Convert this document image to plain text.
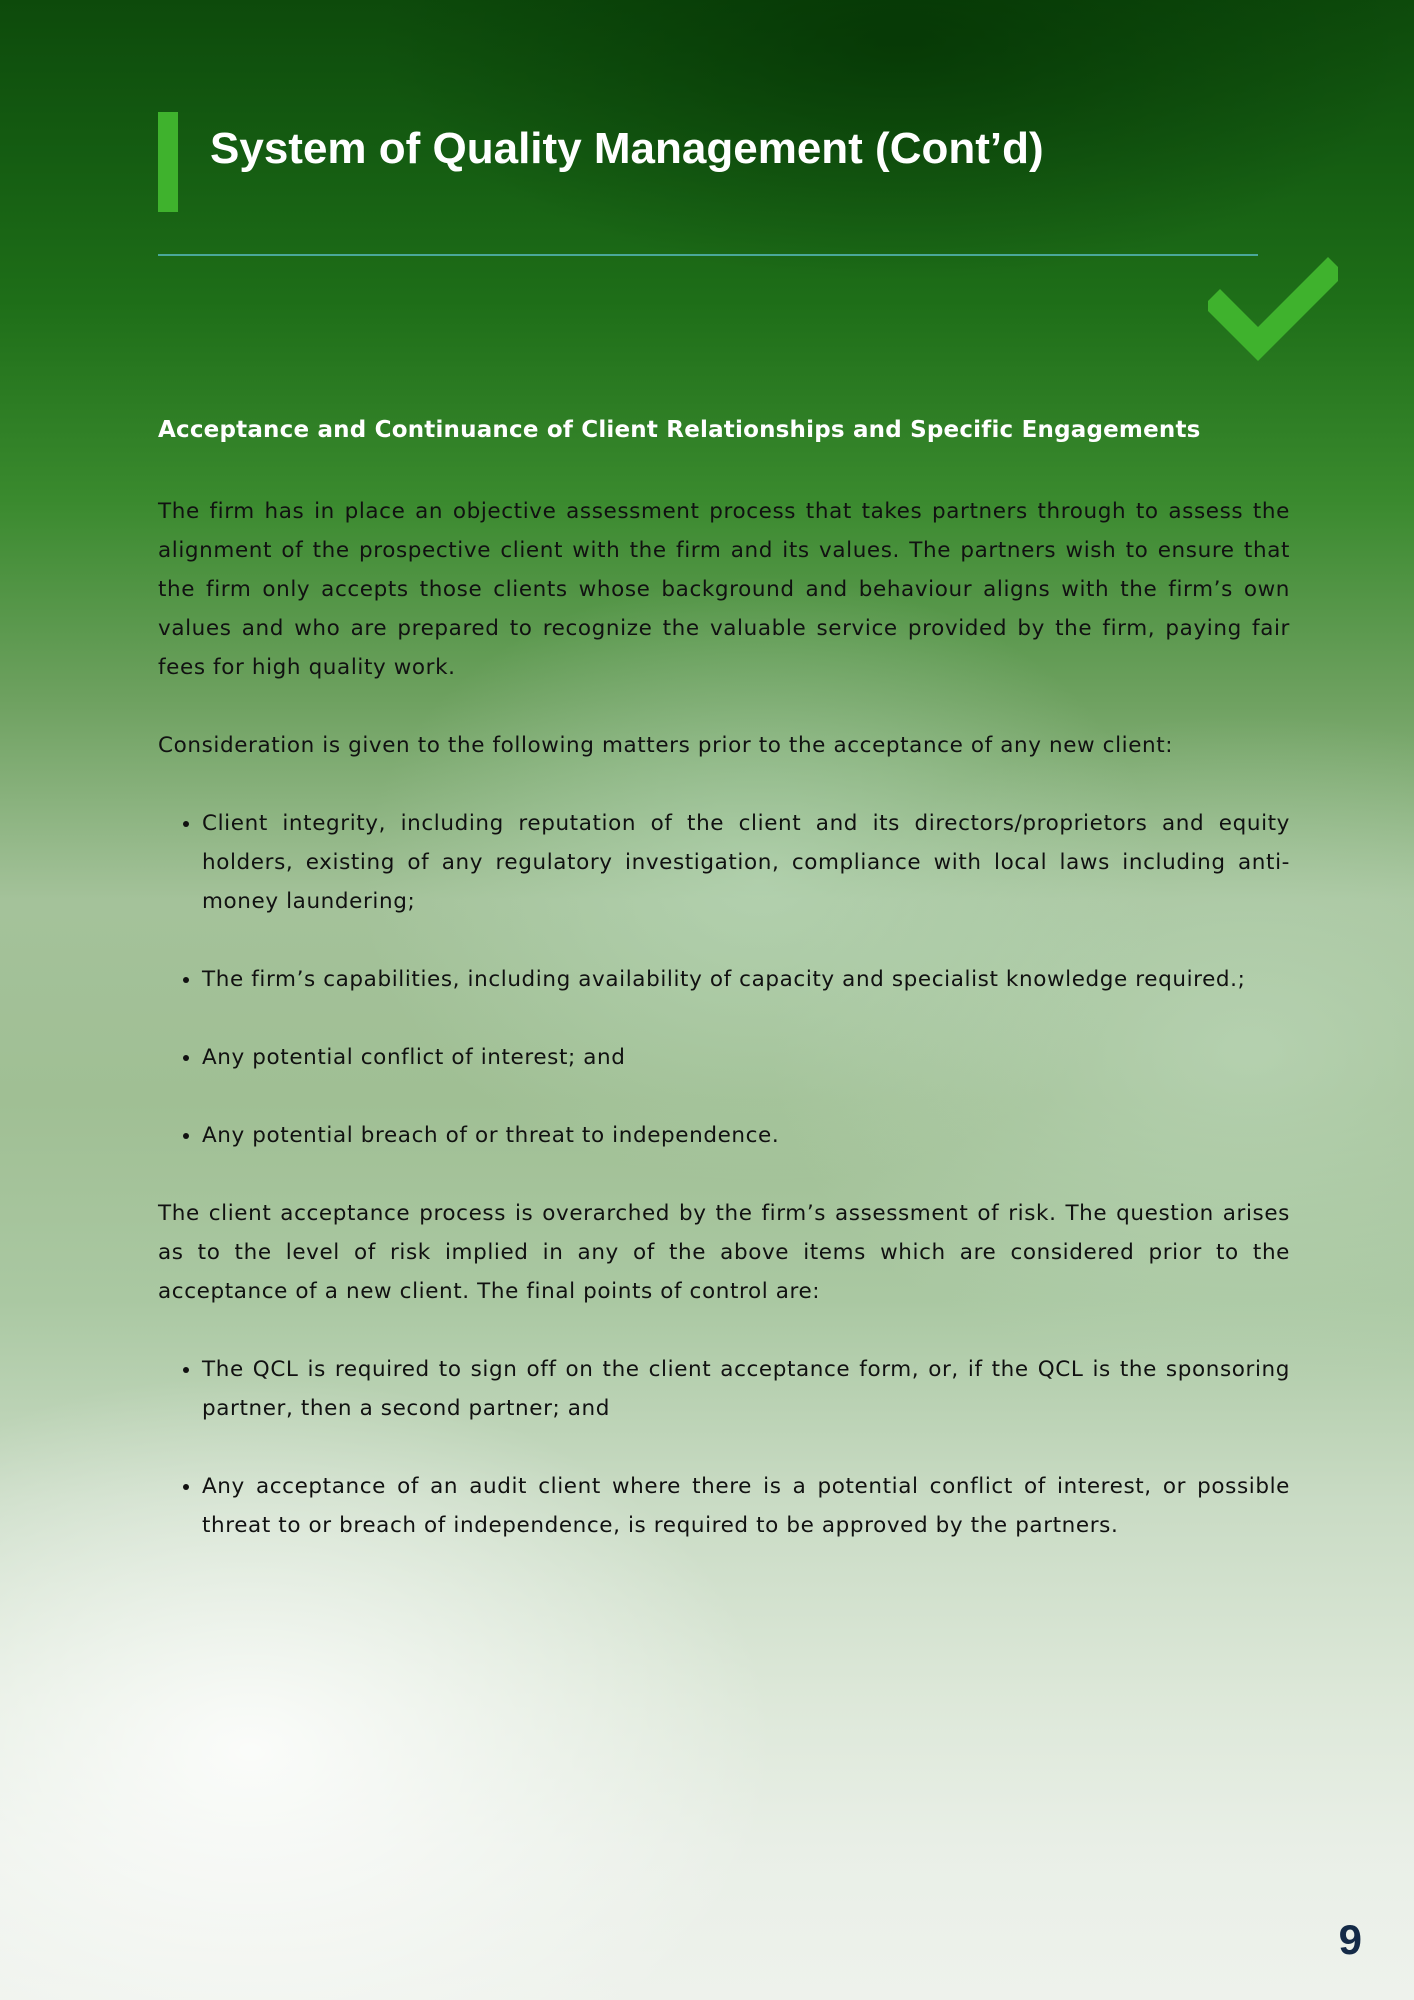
System of Quality Management (Cont’d)
Acceptance and Continuance of Client Relationships and Specific Engagements

The firm has in place an objective assessment process that takes partners through to assess the alignment of the prospective client with the firm and its values. The partners wish to ensure that the firm only accepts those clients whose background and behaviour aligns with the firm’s own values and who are prepared to recognize the valuable service provided by the firm, paying fair fees for high quality work.

Consideration is given to the following matters prior to the acceptance of any new client:

• Client integrity, including reputation of the client and its directors/proprietors and equity holders, existing of any regulatory investigation, compliance with local laws including anti-money laundering;
• The firm’s capabilities, including availability of capacity and specialist knowledge required.;
• Any potential conflict of interest; and
• Any potential breach of or threat to independence.

The client acceptance process is overarched by the firm’s assessment of risk. The question arises as to the level of risk implied in any of the above items which are considered prior to the acceptance of a new client. The final points of control are:

• The QCL is required to sign off on the client acceptance form, or, if the QCL is the sponsoring partner, then a second partner; and
• Any acceptance of an audit client where there is a potential conflict of interest, or possible threat to or breach of independence, is required to be approved by the partners.
9
